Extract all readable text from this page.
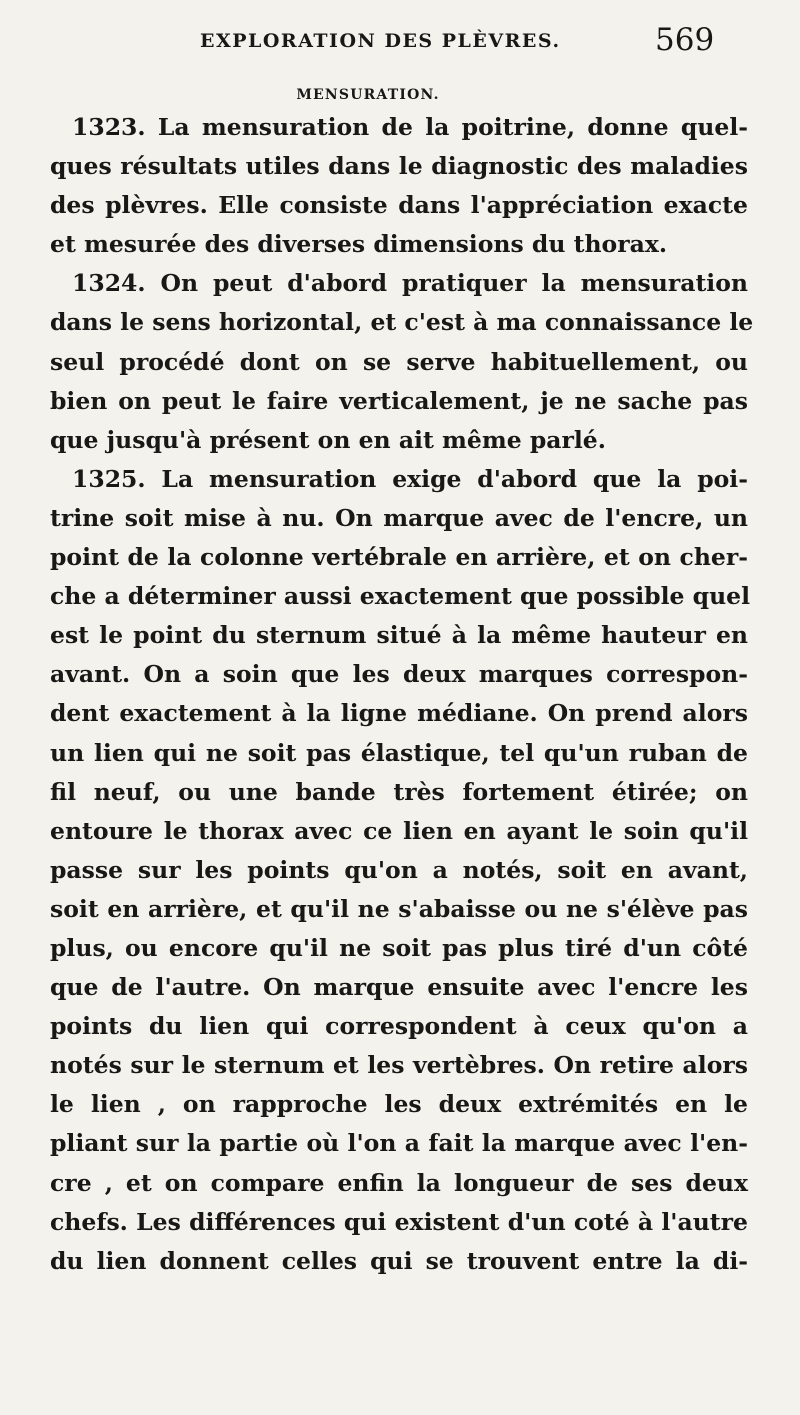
EXPLORATION DES PLÈVRES.	569
MENSURATION.
1323. La mensuration de la poitrine, donne quel-
ques résultats utiles dans le diagnostic des maladies
des plèvres. Elle consiste dans l'appréciation exacte
et mesurée des diverses dimensions du thorax.
1324. On peut d'abord pratiquer la mensuration
dans le sens horizontal, et c'est à ma connaissance le
seul procédé dont on se serve habituellement, ou
bien on peut le faire verticalement, je ne sache pas
que jusqu'à présent on en ait même parlé.
1325. La mensuration exige d'abord que la poi-
trine soit mise à nu. On marque avec de l'encre, un
point de la colonne vertébrale en arrière, et on cher-
che a déterminer aussi exactement que possible quel
est le point du sternum situé à la même hauteur en
avant. On a soin que les deux marques correspon-
dent exactement à la ligne médiane. On prend alors
un lien qui ne soit pas élastique, tel qu'un ruban de
fil neuf, ou une bande très fortement étirée; on
entoure le thorax avec ce lien en ayant le soin qu'il
passe sur les points qu'on a notés, soit en avant,
soit en arrière, et qu'il ne s'abaisse ou ne s'élève pas
plus, ou encore qu'il ne soit pas plus tiré d'un côté
que de l'autre. On marque ensuite avec l'encre les
points du lien qui correspondent à ceux qu'on a
notés sur le sternum et les vertèbres. On retire alors
le lien , on rapproche les deux extrémités en le
pliant sur la partie où l'on a fait la marque avec l'en-
cre , et on compare enfin la longueur de ses deux
chefs. Les différences qui existent d'un coté à l'autre
du lien donnent celles qui se trouvent entre la di-
